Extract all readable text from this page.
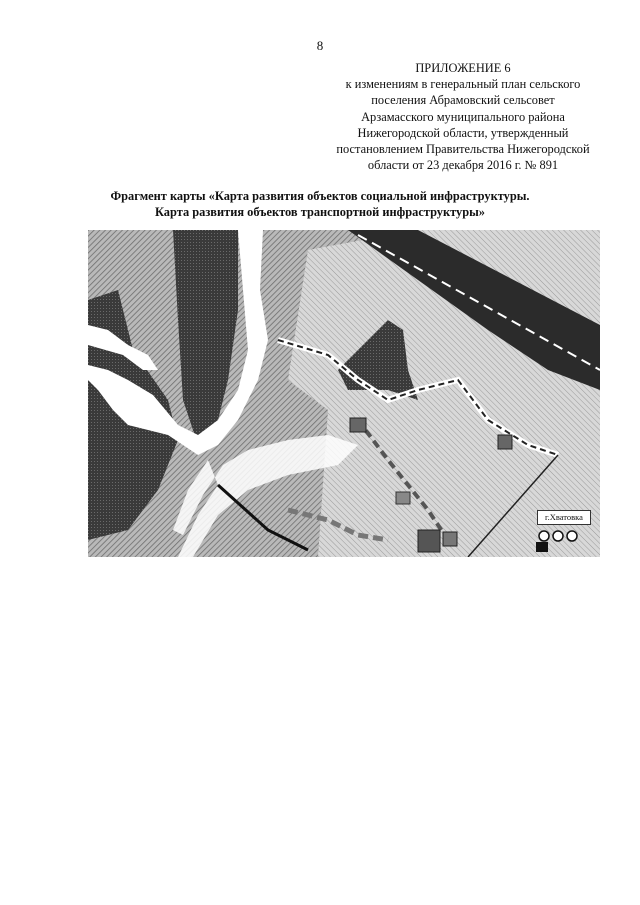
8
ПРИЛОЖЕНИЕ 6
к изменениям в генеральный план сельского
поселения Абрамовский сельсовет
Арзамасского муниципального района
Нижегородской области, утвержденный
постановлением Правительства Нижегородской
области от 23 декабря 2016 г. № 891
Фрагмент карты «Карта развития объектов социальной инфраструктуры.
Карта развития объектов транспортной инфраструктуры»
г.Хватовка
